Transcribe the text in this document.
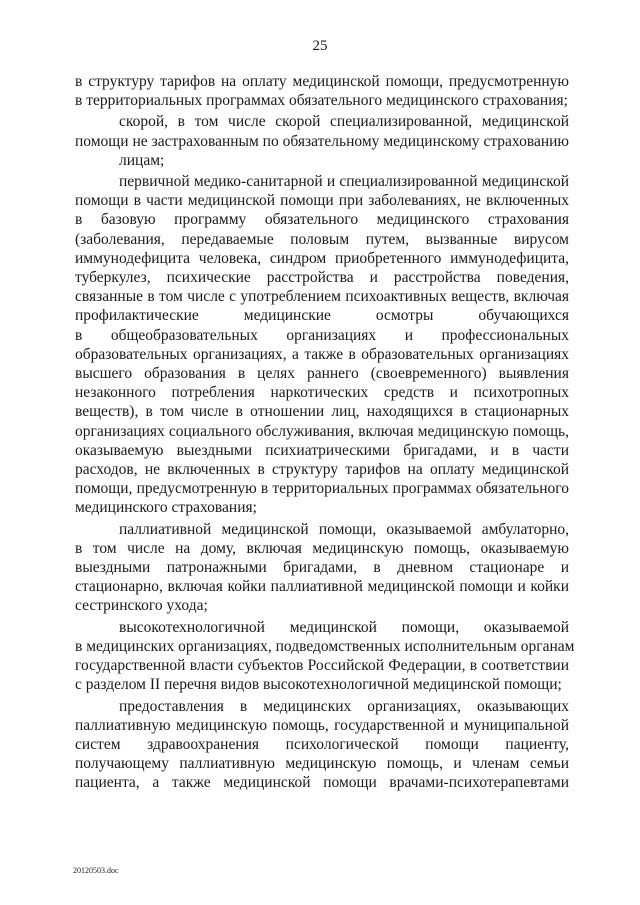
25
в структуру тарифов на оплату медицинской помощи, предусмотренную
в территориальных программах обязательного медицинского страхования;
скорой, в том числе скорой специализированной, медицинской
помощи не застрахованным по обязательному медицинскому страхованию
лицам;
первичной медико-санитарной и специализированной медицинской
помощи в части медицинской помощи при заболеваниях, не включенных
в базовую программу обязательного медицинского страхования
(заболевания, передаваемые половым путем, вызванные вирусом
иммунодефицита человека, синдром приобретенного иммунодефицита,
туберкулез, психические расстройства и расстройства поведения,
связанные в том числе с употреблением психоактивных веществ, включая
профилактические медицинские осмотры обучающихся
в общеобразовательных организациях и профессиональных
образовательных организациях, а также в образовательных организациях
высшего образования в целях раннего (своевременного) выявления
незаконного потребления наркотических средств и психотропных
веществ), в том числе в отношении лиц, находящихся в стационарных
организациях социального обслуживания, включая медицинскую помощь,
оказываемую выездными психиатрическими бригадами, и в части
расходов, не включенных в структуру тарифов на оплату медицинской
помощи, предусмотренную в территориальных программах обязательного
медицинского страхования;
паллиативной медицинской помощи, оказываемой амбулаторно,
в том числе на дому, включая медицинскую помощь, оказываемую
выездными патронажными бригадами, в дневном стационаре и
стационарно, включая койки паллиативной медицинской помощи и койки
сестринского ухода;
высокотехнологичной медицинской помощи, оказываемой
в медицинских организациях, подведомственных исполнительным органам
государственной власти субъектов Российской Федерации, в соответствии
с разделом II перечня видов высокотехнологичной медицинской помощи;
предоставления в медицинских организациях, оказывающих
паллиативную медицинскую помощь, государственной и муниципальной
систем здравоохранения психологической помощи пациенту,
получающему паллиативную медицинскую помощь, и членам семьи
пациента, а также медицинской помощи врачами-психотерапевтами
20120503.doc
